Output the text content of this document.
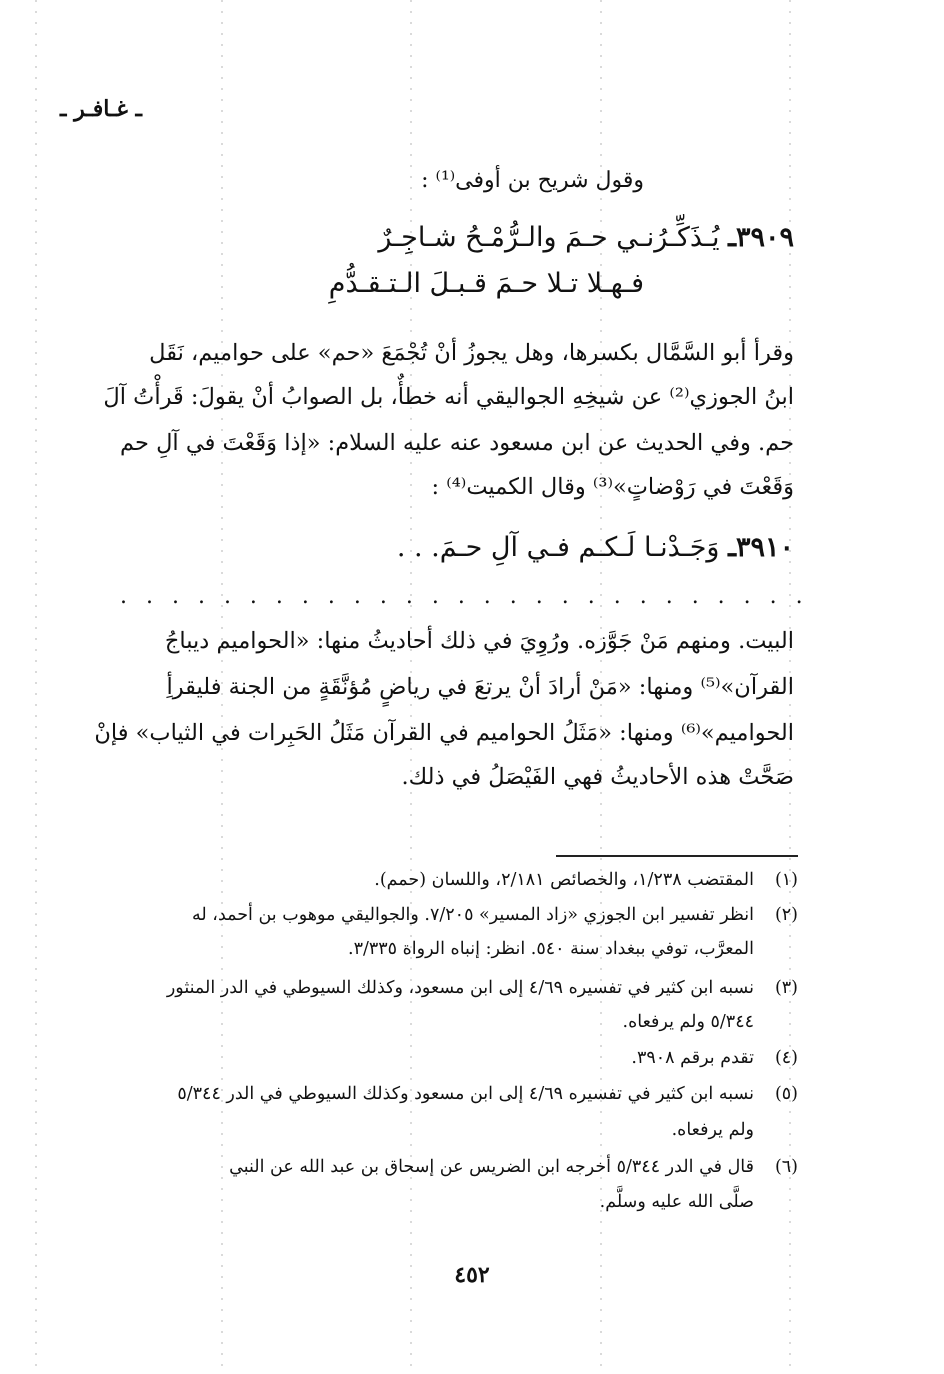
ـ غـافـر ـ
وقول شريح بن أوفى⁽¹⁾ :
٣٩٠٩ـ يُـذَكِّـرُنـي حـمَ والـرُّمْـحُ شـاجِـرٌ
فـهـلا تـلا حـمَ قـبـلَ الـتـقـدُّمِ
وقرأ أبو السَّمَّال بكسرها، وهل يجوزُ أنْ تُجْمَعَ «حم» على حواميم، نَقَل
ابنُ الجوزي⁽²⁾ عن شيخِهِ الجواليقي أنه خطأٌ، بل الصوابُ أنْ يقولَ: قَرأْتُ آلَ
حم. وفي الحديث عن ابن مسعود عنه عليه السلام: «إذا وَقَعْتَ في آلِ حم
وَقَعْتَ في رَوْضاتٍ»⁽³⁾ وقال الكميت⁽⁴⁾ :
٣٩١٠ـ وَجَـدْنـا لَـكـم فـي آلِ حـمَ. . .
. . . . . . . . . . . . . . . . . . . . . . . . . . .
البيت. ومنهم مَنْ جَوَّزه. ورُوِيَ في ذلك أحاديثُ منها: «الحواميم ديباجُ
القرآن»⁽⁵⁾ ومنها: «مَنْ أرادَ أنْ يرتعَ في رياضٍ مُؤنَّقَةٍ من الجنة فليقرأِ
الحواميم»⁽⁶⁾ ومنها: «مَثَلُ الحواميم في القرآن مَثَلُ الحَبِرات في الثياب» فإنْ
صَحَّتْ هذه الأحاديثُ فهي الفَيْصَلُ في ذلك.
(١)
المقتضب ١/٢٣٨، والخصائص ٢/١٨١، واللسان (حمم).
(٢)
انظر تفسير ابن الجوزي «زاد المسير» ٧/٢٠٥. والجواليقي موهوب بن أحمد، له
المعرَّب، توفي ببغداد سنة ٥٤٠. انظر: إنباه الرواة ٣/٣٣٥.
(٣)
نسبه ابن كثير في تفسيره ٤/٦٩ إلى ابن مسعود، وكذلك السيوطي في الدر المنثور
٥/٣٤٤ ولم يرفعاه.
(٤)
تقدم برقم ٣٩٠٨.
(٥)
نسبه ابن كثير في تفسيره ٤/٦٩ إلى ابن مسعود وكذلك السيوطي في الدر ٥/٣٤٤
ولم يرفعاه.
(٦)
قال في الدر ٥/٣٤٤ أخرجه ابن الضريس عن إسحاق بن عبد الله عن النبي
صلَّى الله عليه وسلَّم.
٤٥٢
